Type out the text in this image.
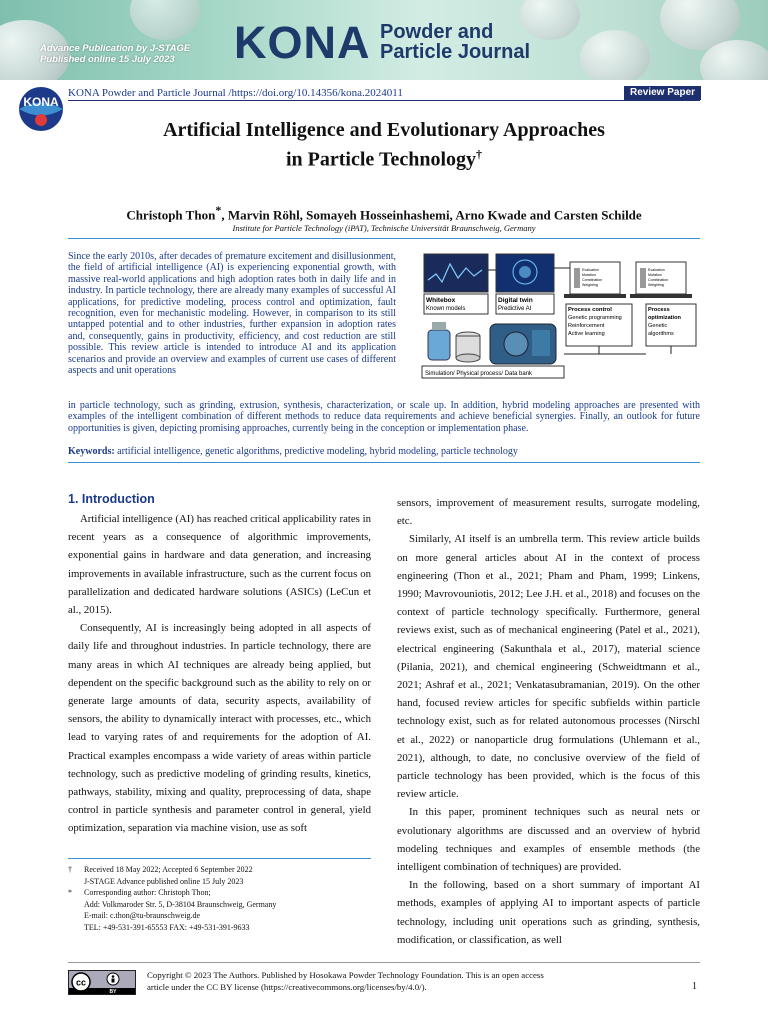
Advance Publication by J-STAGE
Published online 15 July 2023	KONA Powder and
Particle Journal
KONA
KONA Powder and Particle Journal /https://doi.org/10.14356/kona.2024011	Review Paper
Artificial Intelligence and Evolutionary Approaches
in Particle Technology†
Christoph Thon*, Marvin Röhl, Somayeh Hosseinhashemi, Arno Kwade and Carsten Schilde
Institute for Particle Technology (iPAT), Technische Universität Braunschweig, Germany
Since the early 2010s, after decades of premature excitement and disillusionment, the field of artificial intelligence (AI) is experiencing exponential growth, with massive real-world applications and high adoption rates both in daily life and in industry. In particle technology, there are already many examples of successful AI applications, for predictive modeling, process control and optimization, fault recognition, even for mechanistic modeling. However, in comparison to its still untapped potential and to other industries, further expansion in adoption rates and, consequently, gains in productivity, efficiency, and cost reduction are still possible. This review article is intended to introduce AI and its application scenarios and provide an overview and examples of current use cases of different aspects and unit operations
Whitebox
Known models
Digital twin
Predictive AI
Evaluation
Mutation
Combination
Weighting
Evaluation
Mutation
Combination
Weighting
Process control
Genetic programming
Reinforcement
Active learning
Process
optimization
Genetic
algorithms
Simulation/ Physical process/ Data bank
in particle technology, such as grinding, extrusion, synthesis, characterization, or scale up. In addition, hybrid modeling approaches are presented with examples of the intelligent combination of different methods to reduce data requirements and achieve beneficial synergies. Finally, an outlook for future opportunities is given, depicting promising approaches, currently being in the conception or implementation phase.
Keywords: artificial intelligence, genetic algorithms, predictive modeling, hybrid modeling, particle technology
1. Introduction

Artificial intelligence (AI) has reached critical applicability rates in recent years as a consequence of algorithmic improvements, exponential gains in hardware and data generation, and increasing improvements in available infrastructure, such as the current focus on parallelization and dedicated hardware solutions (ASICs) (LeCun et al., 2015).

Consequently, AI is increasingly being adopted in all aspects of daily life and throughout industries. In particle technology, there are many areas in which AI techniques are already being applied, but dependent on the specific background such as the ability to rely on or generate large amounts of data, security aspects, availability of sensors, the ability to dynamically interact with processes, etc., which lead to varying rates of and requirements for the adoption of AI. Practical examples encompass a wide variety of areas within particle technology, such as predictive modeling of grinding results, kinetics, pathways, stability, mixing and quality, preprocessing of data, shape control in particle synthesis and parameter control in general, yield optimization, separation via machine vision, use as soft

sensors, improvement of measurement results, surrogate modeling, etc.

Similarly, AI itself is an umbrella term. This review article builds on more general articles about AI in the context of process engineering (Thon et al., 2021; Pham and Pham, 1999; Linkens, 1990; Mavrovouniotis, 2012; Lee J.H. et al., 2018) and focuses on the context of particle technology specifically. Furthermore, general reviews exist, such as of mechanical engineering (Patel et al., 2021), electrical engineering (Sakunthala et al., 2017), material science (Pilania, 2021), and chemical engineering (Schweidtmann et al., 2021; Ashraf et al., 2021; Venkatasubramanian, 2019). On the other hand, focused review articles for specific subfields within particle technology exist, such as for related autonomous processes (Nirschl et al., 2022) or nanoparticle drug formulations (Uhlemann et al., 2021), although, to date, no conclusive overview of the field of particle technology has been provided, which is the focus of this review article.

In this paper, prominent techniques such as neural nets or evolutionary algorithms are discussed and an overview of hybrid modeling techniques and examples of ensemble methods (the intelligent combination of techniques) are provided.

In the following, based on a short summary of important AI methods, examples of applying AI to important aspects of particle technology, including unit operations such as grinding, synthesis, modification, or classification, as well

† Received 18 May 2022; Accepted 6 September 2022
J-STAGE Advance published online 15 July 2023
* Corresponding author: Christoph Thon;
Add: Volkmaroder Str. 5, D-38104 Braunschweig, Germany
E-mail: c.thon@tu-braunschweig.de
TEL: +49-531-391-65553 FAX: +49-531-391-9633
cc
BY
Copyright © 2023 The Authors. Published by Hosokawa Powder Technology Foundation. This is an open access
article under the CC BY license (https://creativecommons.org/licenses/by/4.0/).	1
